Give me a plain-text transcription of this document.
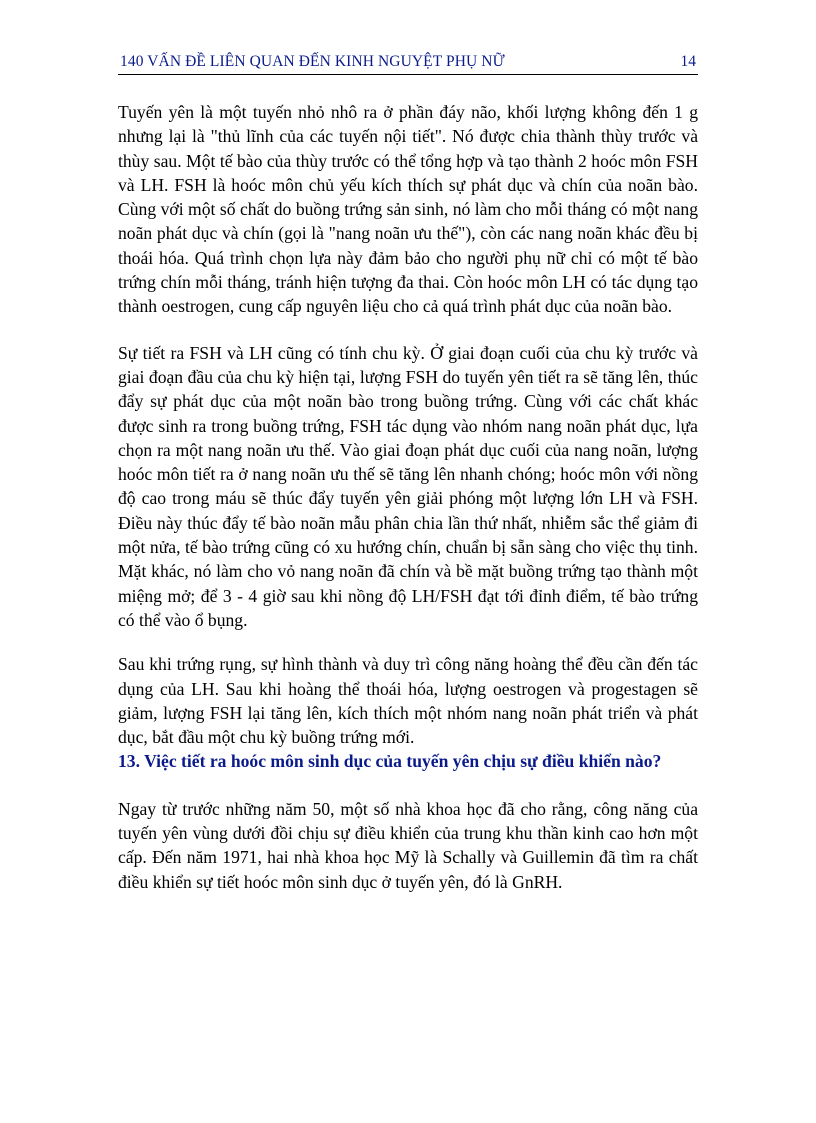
140 VẤN ĐỀ LIÊN QUAN ĐẾN KINH NGUYỆT PHỤ NỮ	14

Tuyến yên là một tuyến nhỏ nhô ra ở phần đáy não, khối lượng không đến 1 g nhưng lại là "thủ lĩnh của các tuyến nội tiết". Nó được chia thành thùy trước và thùy sau. Một tế bào của thùy trước có thể tổng hợp và tạo thành 2 hoóc môn FSH và LH. FSH là hoóc môn chủ yếu kích thích sự phát dục và chín của noãn bào. Cùng với một số chất do buồng trứng sản sinh, nó làm cho mỗi tháng có một nang noãn phát dục và chín (gọi là "nang noãn ưu thế"), còn các nang noãn khác đều bị thoái hóa. Quá trình chọn lựa này đảm bảo cho người phụ nữ chỉ có một tế bào trứng chín mỗi tháng, tránh hiện tượng đa thai. Còn hoóc môn LH có tác dụng tạo thành oestrogen, cung cấp nguyên liệu cho cả quá trình phát dục của noãn bào.

Sự tiết ra FSH và LH cũng có tính chu kỳ. Ở giai đoạn cuối của chu kỳ trước và giai đoạn đầu của chu kỳ hiện tại, lượng FSH do tuyến yên tiết ra sẽ tăng lên, thúc đẩy sự phát dục của một noãn bào trong buồng trứng. Cùng với các chất khác được sinh ra trong buồng trứng, FSH tác dụng vào nhóm nang noãn phát dục, lựa chọn ra một nang noãn ưu thế. Vào giai đoạn phát dục cuối của nang noãn, lượng hoóc môn tiết ra ở nang noãn ưu thế sẽ tăng lên nhanh chóng; hoóc môn với nồng độ cao trong máu sẽ thúc đẩy tuyến yên giải phóng một lượng lớn LH và FSH. Điều này thúc đẩy tế bào noãn mẫu phân chia lần thứ nhất, nhiễm sắc thể giảm đi một nửa, tế bào trứng cũng có xu hướng chín, chuẩn bị sẵn sàng cho việc thụ tinh. Mặt khác, nó làm cho vỏ nang noãn đã chín và bề mặt buồng trứng tạo thành một miệng mở; để 3 - 4 giờ sau khi nồng độ LH/FSH đạt tới đỉnh điểm, tế bào trứng có thể vào ổ bụng.

Sau khi trứng rụng, sự hình thành và duy trì công năng hoàng thể đều cần đến tác dụng của LH. Sau khi hoàng thể thoái hóa, lượng oestrogen và progestagen sẽ giảm, lượng FSH lại tăng lên, kích thích một nhóm nang noãn phát triển và phát dục, bắt đầu một chu kỳ buồng trứng mới.

13. Việc tiết ra hoóc môn sinh dục của tuyến yên chịu sự điều khiển nào?

Ngay từ trước những năm 50, một số nhà khoa học đã cho rằng, công năng của tuyến yên vùng dưới đồi chịu sự điều khiển của trung khu thần kinh cao hơn một cấp. Đến năm 1971, hai nhà khoa học Mỹ là Schally và Guillemin đã tìm ra chất điều khiển sự tiết hoóc môn sinh dục ở tuyến yên, đó là GnRH.
